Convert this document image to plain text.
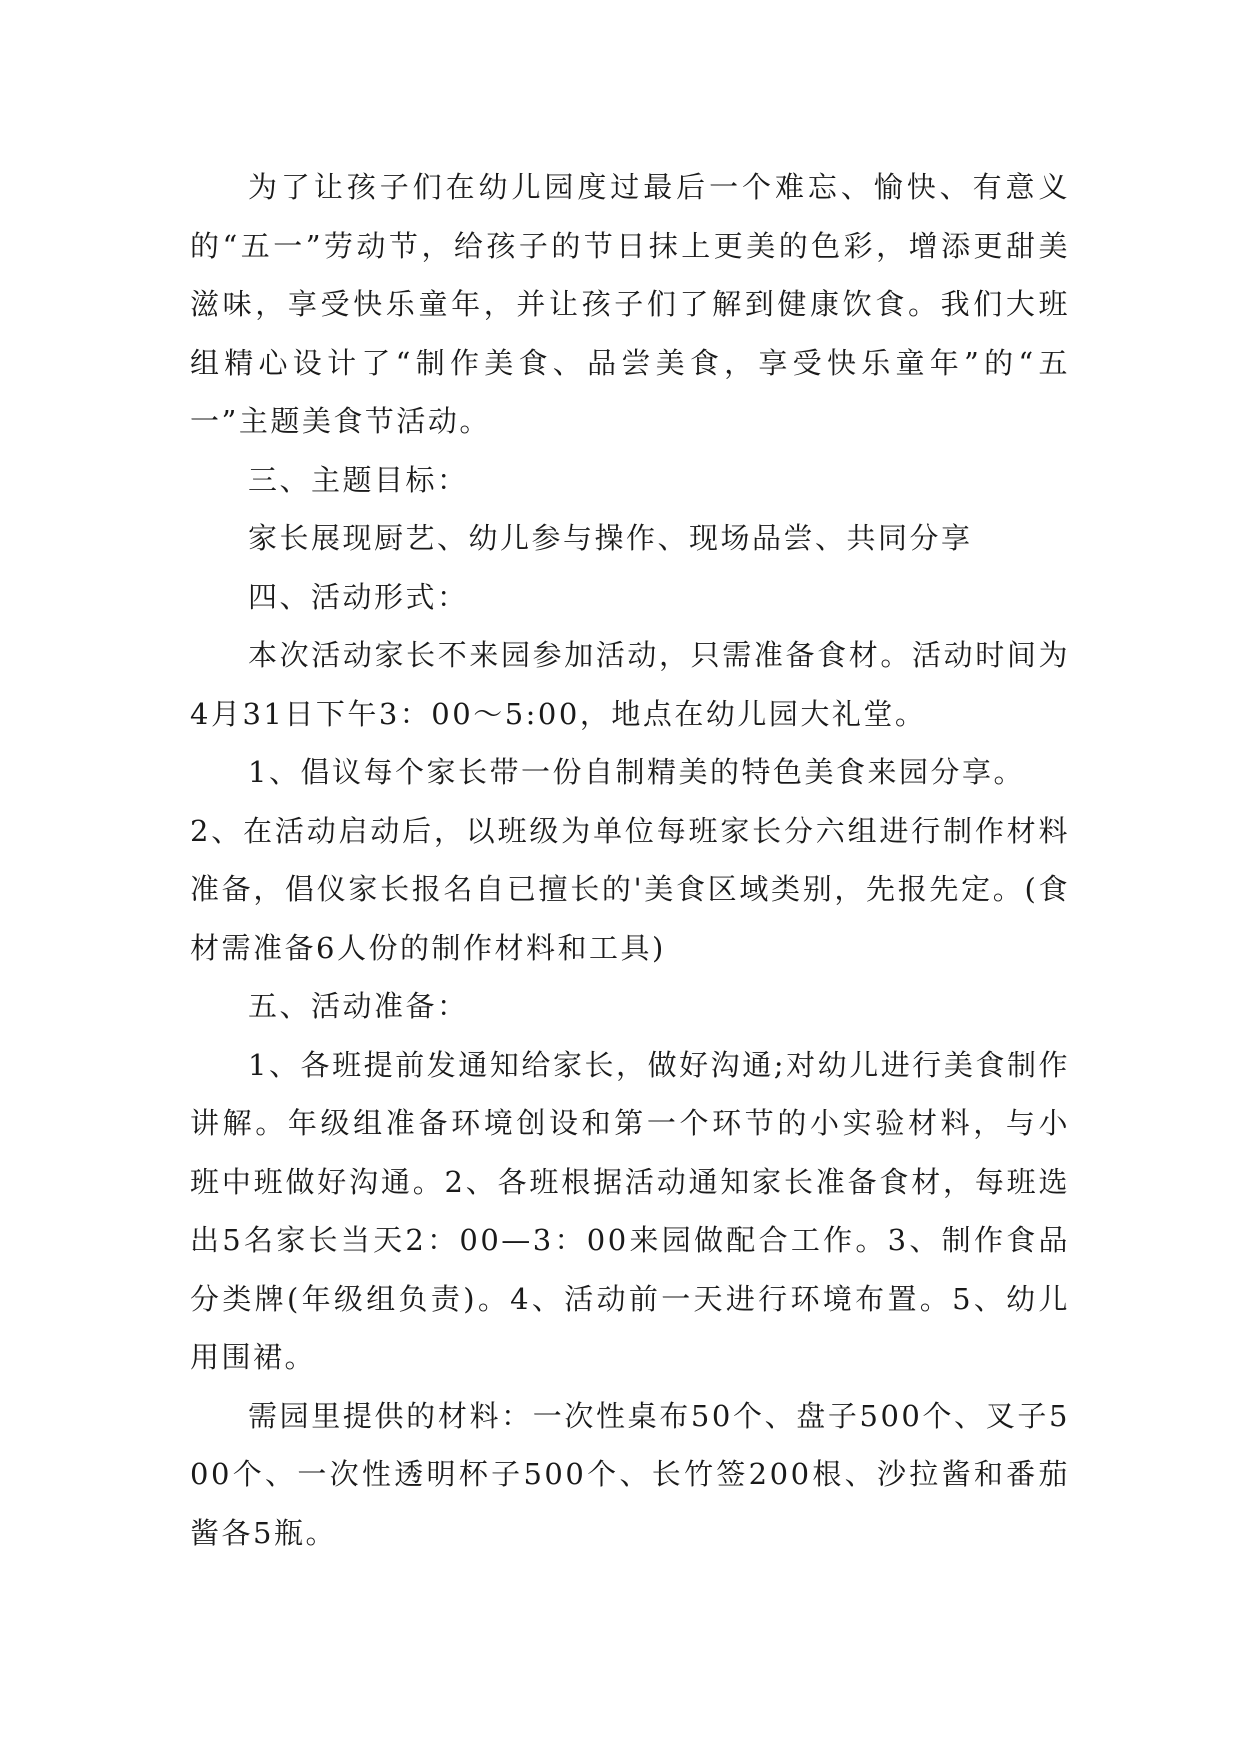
为了让孩子们在幼儿园度过最后一个难忘、愉快、有意义的“五一”劳动节，给孩子的节日抹上更美的色彩，增添更甜美滋味，享受快乐童年，并让孩子们了解到健康饮食。我们大班组精心设计了“制作美食、品尝美食，享受快乐童年”的“五一”主题美食节活动。

三、主题目标：

家长展现厨艺、幼儿参与操作、现场品尝、共同分享

四、活动形式：

本次活动家长不来园参加活动，只需准备食材。活动时间为4月31日下午3：00～5:00，地点在幼儿园大礼堂。

1、倡议每个家长带一份自制精美的特色美食来园分享。

2、在活动启动后，以班级为单位每班家长分六组进行制作材料准备，倡仪家长报名自已擅长的'美食区域类别，先报先定。(食材需准备6人份的制作材料和工具)

五、活动准备：

1、各班提前发通知给家长，做好沟通;对幼儿进行美食制作讲解。年级组准备环境创设和第一个环节的小实验材料，与小班中班做好沟通。2、各班根据活动通知家长准备食材，每班选出5名家长当天2：00—3：00来园做配合工作。3、制作食品分类牌(年级组负责)。4、活动前一天进行环境布置。5、幼儿用围裙。

需园里提供的材料：一次性桌布50个、盘子500个、叉子500个、一次性透明杯子500个、长竹签200根、沙拉酱和番茄酱各5瓶。
